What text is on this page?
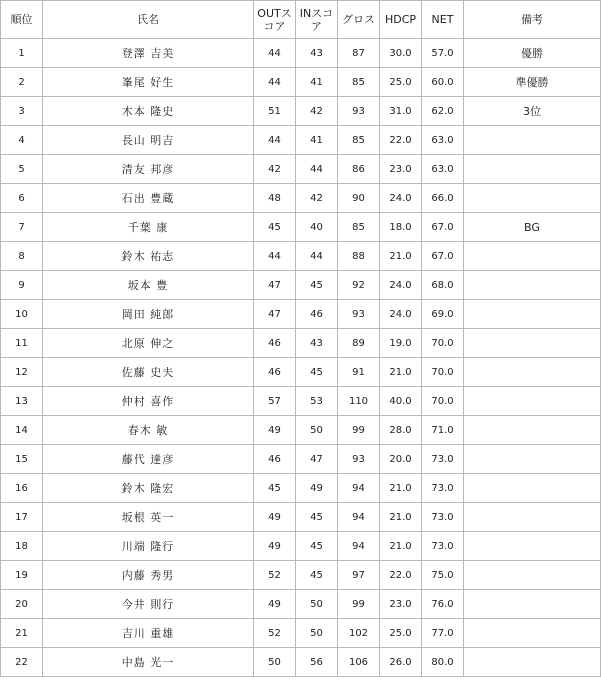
順位	氏名	OUTスコア	INスコア	グロス	HDCP	NET	備考
1	登澤 吉美	44	43	87	30.0	57.0	優勝
2	峯尾 好生	44	41	85	25.0	60.0	準優勝
3	木本 隆史	51	42	93	31.0	62.0	3位
4	長山 明吉	44	41	85	22.0	63.0	
5	清友 邦彦	42	44	86	23.0	63.0	
6	石出 豊蔵	48	42	90	24.0	66.0	
7	千葉 康	45	40	85	18.0	67.0	BG
8	鈴木 祐志	44	44	88	21.0	67.0	
9	坂本 豊	47	45	92	24.0	68.0	
10	岡田 純郎	47	46	93	24.0	69.0	
11	北原 伸之	46	43	89	19.0	70.0	
12	佐藤 史夫	46	45	91	21.0	70.0	
13	仲村 喜作	57	53	110	40.0	70.0	
14	春木 敏	49	50	99	28.0	71.0	
15	藤代 達彦	46	47	93	20.0	73.0	
16	鈴木 隆宏	45	49	94	21.0	73.0	
17	坂根 英一	49	45	94	21.0	73.0	
18	川端 隆行	49	45	94	21.0	73.0	
19	内藤 秀男	52	45	97	22.0	75.0	
20	今井 則行	49	50	99	23.0	76.0	
21	吉川 重雄	52	50	102	25.0	77.0	
22	中島 光一	50	56	106	26.0	80.0	
